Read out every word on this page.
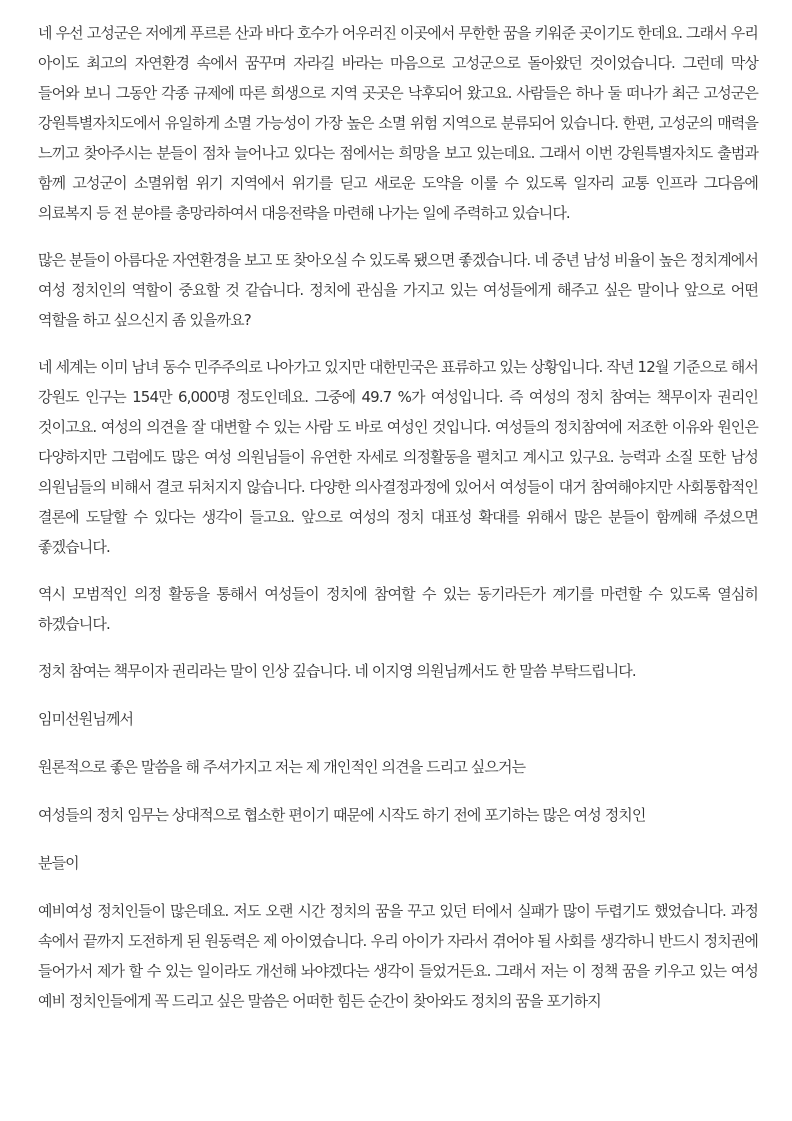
네 우선 고성군은 저에게 푸르른 산과 바다 호수가 어우러진 이곳에서 무한한 꿈을 키워준 곳이기도 한데요. 그래서 우리 아이도 최고의 자연환경 속에서 꿈꾸며 자라길 바라는 마음으로 고성군으로 돌아왔던 것이었습니다. 그런데 막상 들어와 보니 그동안 각종 규제에 따른 희생으로 지역 곳곳은 낙후되어 왔고요. 사람들은 하나 둘 떠나가 최근 고성군은 강원특별자치도에서 유일하게 소멸 가능성이 가장 높은 소멸 위험 지역으로 분류되어 있습니다. 한편, 고성군의 매력을 느끼고 찾아주시는 분들이 점차 늘어나고 있다는 점에서는 희망을 보고 있는데요. 그래서 이번 강원특별자치도 출범과 함께 고성군이 소멸위험 위기 지역에서 위기를 딛고 새로운 도약을 이룰 수 있도록 일자리 교통 인프라 그다음에 의료복지 등 전 분야를 총망라하여서 대응전략을 마련해 나가는 일에 주력하고 있습니다.

많은 분들이 아름다운 자연환경을 보고 또 찾아오실 수 있도록 됐으면 좋겠습니다. 네 중년 남성 비율이 높은 정치계에서 여성 정치인의 역할이 중요할 것 같습니다. 정치에 관심을 가지고 있는 여성들에게 해주고 싶은 말이나 앞으로 어떤 역할을 하고 싶으신지 좀 있을까요?

네 세계는 이미 남녀 동수 민주주의로 나아가고 있지만 대한민국은 표류하고 있는 상황입니다. 작년 12월 기준으로 해서 강원도 인구는 154만 6,000명 정도인데요. 그중에 49.7 %가 여성입니다. 즉 여성의 정치 참여는 책무이자 권리인 것이고요. 여성의 의견을 잘 대변할 수 있는 사람 도 바로 여성인 것입니다. 여성들의 정치참여에 저조한 이유와 원인은 다양하지만 그럼에도 많은 여성 의원님들이 유연한 자세로 의정활동을 펼치고 계시고 있구요. 능력과 소질 또한 남성 의원님들의 비해서 결코 뒤처지지 않습니다. 다양한 의사결정과정에 있어서 여성들이 대거 참여해야지만 사회통합적인 결론에 도달할 수 있다는 생각이 들고요. 앞으로 여성의 정치 대표성 확대를 위해서 많은 분들이 함께해 주셨으면 좋겠습니다.

역시 모범적인 의정 활동을 통해서 여성들이 정치에 참여할 수 있는 동기라든가 계기를 마련할 수 있도록 열심히 하겠습니다.

정치 참여는 책무이자 권리라는 말이 인상 깊습니다. 네 이지영 의원님께서도 한 말씀 부탁드립니다.

임미선원님께서

원론적으로 좋은 말씀을 해 주셔가지고 저는 제 개인적인 의견을 드리고 싶으거는

여성들의 정치 임무는 상대적으로 협소한 편이기 때문에 시작도 하기 전에 포기하는 많은 여성 정치인

분들이

예비여성 정치인들이 많은데요. 저도 오랜 시간 정치의 꿈을 꾸고 있던 터에서 실패가 많이 두렵기도 했었습니다. 과정 속에서 끝까지 도전하게 된 원동력은 제 아이였습니다. 우리 아이가 자라서 겪어야 될 사회를 생각하니 반드시 정치권에 들어가서 제가 할 수 있는 일이라도 개선해 놔야겠다는 생각이 들었거든요. 그래서 저는 이 정책 꿈을 키우고 있는 여성 예비 정치인들에게 꼭 드리고 싶은 말씀은 어떠한 힘든 순간이 찾아와도 정치의 꿈을 포기하지
